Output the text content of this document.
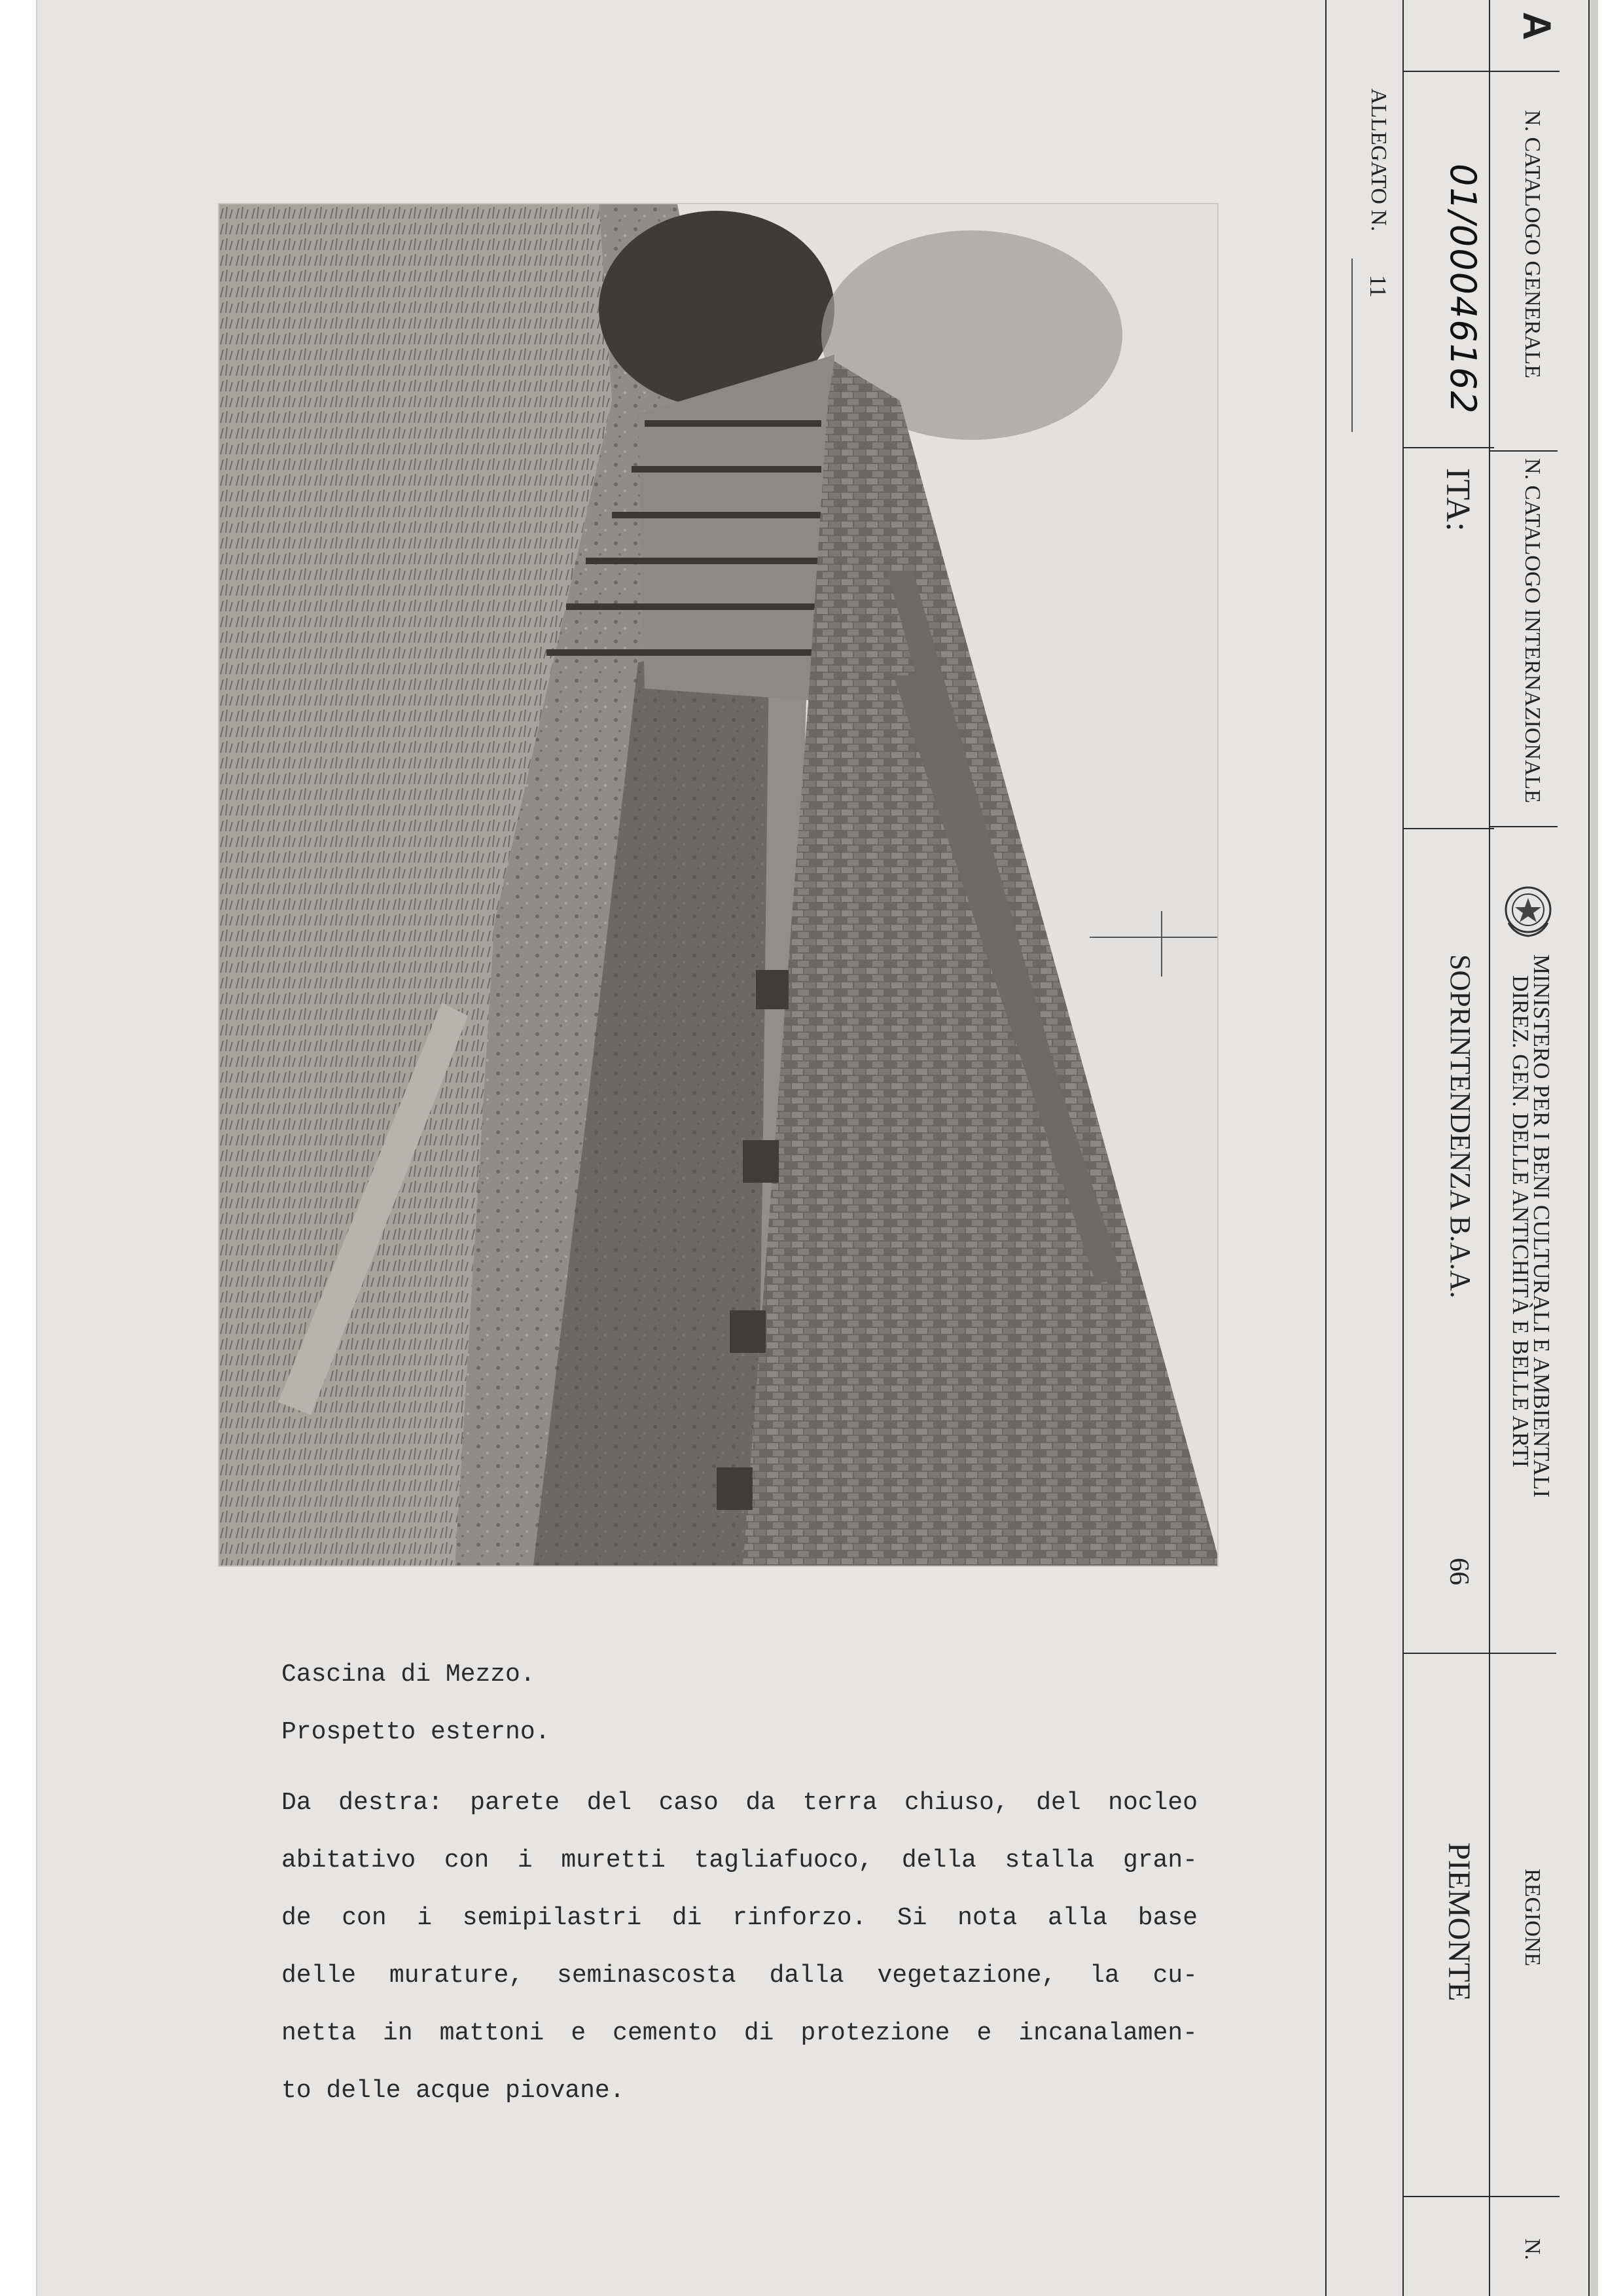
A
N. CATALOGO GENERALE
N. CATALOGO INTERNAZIONALE
MINISTERO PER I BENI CULTURALI E AMBIENTALI
DIREZ. GEN. DELLE ANTICHITÀ E BELLE ARTI
REGIONE
N.
01/00046162
ITA:
SOPRINTENDENZA B.A.A.
66
PIEMONTE
ALLEGATO N.
11

Cascina di Mezzo.

Prospetto esterno.

Da destra: parete del caso da terra chiuso, del nocleo
abitativo con i muretti tagliafuoco, della stalla gran-
de con i semipilastri di rinforzo. Si nota alla base
delle murature, seminascosta dalla vegetazione, la cu-
netta in mattoni e cemento di protezione e incanalamen-
to delle acque piovane.
